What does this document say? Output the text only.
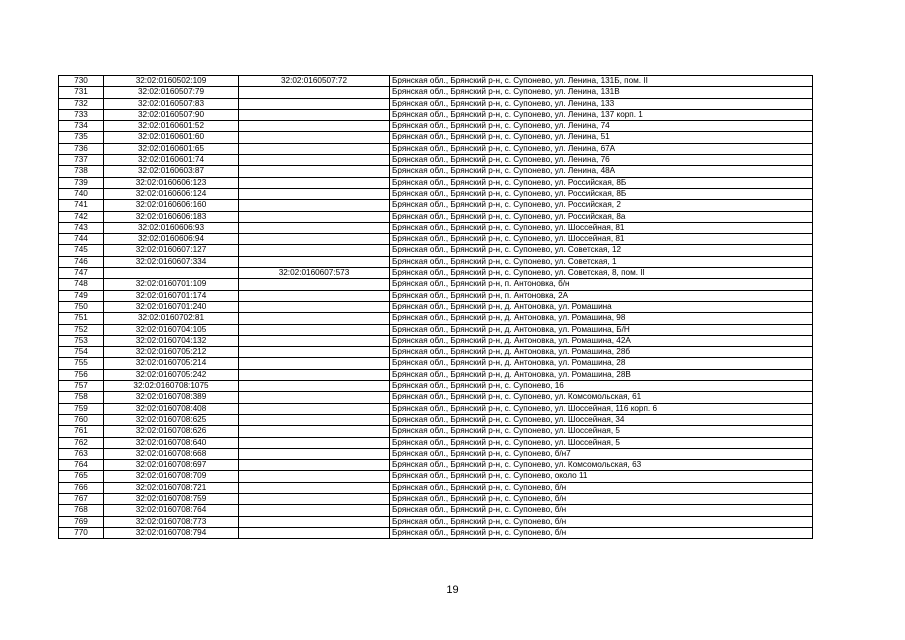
730	32:02:0160502:109	32:02:0160507:72	Брянская обл., Брянский р-н, с. Супонево, ул. Ленина, 131Б, пом. II
731	32:02:0160507:79		Брянская обл., Брянский р-н, с. Супонево, ул. Ленина, 131В
732	32:02:0160507:83		Брянская обл., Брянский р-н, с. Супонево, ул. Ленина, 133
733	32:02:0160507:90		Брянская обл., Брянский р-н, с. Супонево, ул. Ленина, 137 корп. 1
734	32:02:0160601:52		Брянская обл., Брянский р-н, с. Супонево, ул. Ленина, 74
735	32:02:0160601:60		Брянская обл., Брянский р-н, с. Супонево, ул. Ленина, 51
736	32:02:0160601:65		Брянская обл., Брянский р-н, с. Супонево, ул. Ленина, 67А
737	32:02:0160601:74		Брянская обл., Брянский р-н, с. Супонево, ул. Ленина, 76
738	32:02:0160603:87		Брянская обл., Брянский р-н, с. Супонево, ул. Ленина, 48А
739	32:02:0160606:123		Брянская обл., Брянский р-н, с. Супонево, ул. Российская, 8Б
740	32:02:0160606:124		Брянская обл., Брянский р-н, с. Супонево, ул. Российская, 8Б
741	32:02:0160606:160		Брянская обл., Брянский р-н, с. Супонево, ул. Российская, 2
742	32:02:0160606:183		Брянская обл., Брянский р-н, с. Супонево, ул. Российская, 8а
743	32:02:0160606:93		Брянская обл., Брянский р-н, с. Супонево, ул. Шоссейная, 81
744	32:02:0160606:94		Брянская обл., Брянский р-н, с. Супонево, ул. Шоссейная, 81
745	32:02:0160607:127		Брянская обл., Брянский р-н, с. Супонево, ул. Советская, 12
746	32:02:0160607:334		Брянская обл., Брянский р-н, с. Супонево, ул. Советская, 1
747		32:02:0160607:573	Брянская обл., Брянский р-н, с. Супонево, ул. Советская, 8, пом. II
748	32:02:0160701:109		Брянская обл., Брянский р-н, п. Антоновка, б/н
749	32:02:0160701:174		Брянская обл., Брянский р-н, п. Антоновка, 2А
750	32:02:0160701:240		Брянская обл., Брянский р-н, д. Антоновка, ул. Ромашина
751	32:02:0160702:81		Брянская обл., Брянский р-н, д. Антоновка, ул. Ромашина, 98
752	32:02:0160704:105		Брянская обл., Брянский р-н, д. Антоновка, ул. Ромашина, Б/Н
753	32:02:0160704:132		Брянская обл., Брянский р-н, д. Антоновка, ул. Ромашина, 42А
754	32:02:0160705:212		Брянская обл., Брянский р-н, д. Антоновка, ул. Ромашина, 28б
755	32:02:0160705:214		Брянская обл., Брянский р-н, д. Антоновка, ул. Ромашина, 28
756	32:02:0160705:242		Брянская обл., Брянский р-н, д. Антоновка, ул. Ромашина, 28В
757	32:02:0160708:1075		Брянская обл., Брянский р-н, с. Супонево, 16
758	32:02:0160708:389		Брянская обл., Брянский р-н, с. Супонево, ул. Комсомольская, 61
759	32:02:0160708:408		Брянская обл., Брянский р-н, с. Супонево, ул. Шоссейная, 116 корп. 6
760	32:02:0160708:625		Брянская обл., Брянский р-н, с. Супонево, ул. Шоссейная, 34
761	32:02:0160708:626		Брянская обл., Брянский р-н, с. Супонево, ул. Шоссейная, 5
762	32:02:0160708:640		Брянская обл., Брянский р-н, с. Супонево, ул. Шоссейная, 5
763	32:02:0160708:668		Брянская обл., Брянский р-н, с. Супонево, б/н7
764	32:02:0160708:697		Брянская обл., Брянский р-н, с. Супонево, ул. Комсомольская, 63
765	32:02:0160708:709		Брянская обл., Брянский р-н, с. Супонево, около 11
766	32:02:0160708:721		Брянская обл., Брянский р-н, с. Супонево, б/н
767	32:02:0160708:759		Брянская обл., Брянский р-н, с. Супонево, б/н
768	32:02:0160708:764		Брянская обл., Брянский р-н, с. Супонево, б/н
769	32:02:0160708:773		Брянская обл., Брянский р-н, с. Супонево, б/н
770	32:02:0160708:794		Брянская обл., Брянский р-н, с. Супонево, б/н
19
